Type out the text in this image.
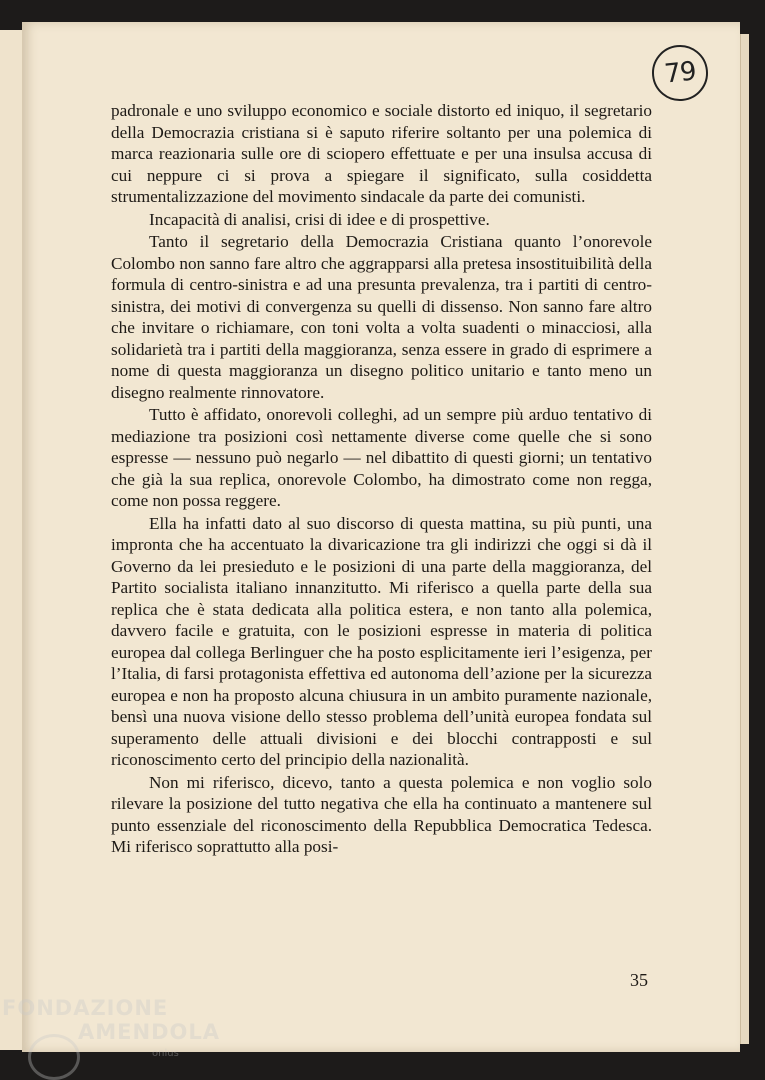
79

padronale e uno sviluppo economico e sociale distorto ed iniquo, il segretario della Democrazia cristiana si è saputo riferire soltanto per una polemica di marca reazionaria sulle ore di sciopero effettuate e per una insulsa accusa di cui neppure ci si prova a spiegare il significato, sulla cosiddetta strumentalizzazione del movimento sindacale da parte dei comunisti.

Incapacità di analisi, crisi di idee e di prospettive.

Tanto il segretario della Democrazia Cristiana quanto l’onorevole Colombo non sanno fare altro che aggrapparsi alla pretesa insostituibilità della formula di centro-sinistra e ad una presunta prevalenza, tra i partiti di centro-sinistra, dei motivi di convergenza su quelli di dissenso. Non sanno fare altro che invitare o richiamare, con toni volta a volta suadenti o minacciosi, alla solidarietà tra i partiti della maggioranza, senza essere in grado di esprimere a nome di questa maggioranza un disegno politico unitario e tanto meno un disegno realmente rinnovatore.

Tutto è affidato, onorevoli colleghi, ad un sempre più arduo tentativo di mediazione tra posizioni così nettamente diverse come quelle che si sono espresse — nessuno può negarlo — nel dibattito di questi giorni; un tentativo che già la sua replica, onorevole Colombo, ha dimostrato come non regga, come non possa reggere.

Ella ha infatti dato al suo discorso di questa mattina, su più punti, una impronta che ha accentuato la divaricazione tra gli indirizzi che oggi si dà il Governo da lei presieduto e le posizioni di una parte della maggioranza, del Partito socialista italiano innanzitutto. Mi riferisco a quella parte della sua replica che è stata dedicata alla politica estera, e non tanto alla polemica, davvero facile e gratuita, con le posizioni espresse in materia di politica europea dal collega Berlinguer che ha posto esplicitamente ieri l’esigenza, per l’Italia, di farsi protagonista effettiva ed autonoma dell’azione per la sicurezza europea e non ha proposto alcuna chiusura in un ambito puramente nazionale, bensì una nuova visione dello stesso problema dell’unità europea fondata sul superamento delle attuali divisioni e dei blocchi contrapposti e sul riconoscimento certo del principio della nazionalità.

Non mi riferisco, dicevo, tanto a questa polemica e non voglio solo rilevare la posizione del tutto negativa che ella ha continuato a mantenere sul punto essenziale del riconoscimento della Repubblica Democratica Tedesca. Mi riferisco soprattutto alla posi-

35
FONDAZIONE
AMENDOLA
onlus
